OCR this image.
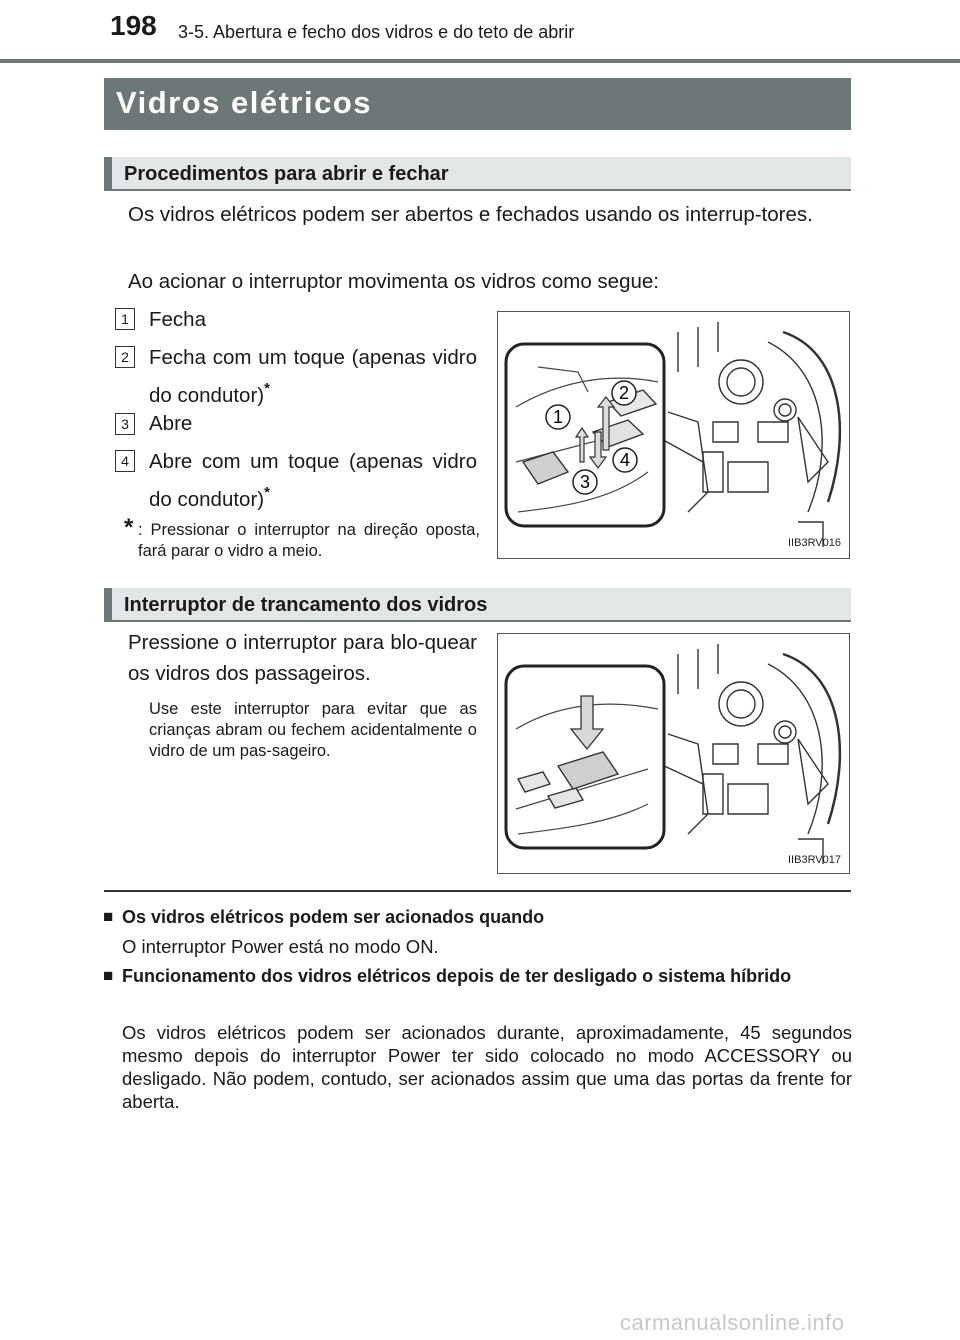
198 3-5. Abertura e fecho dos vidros e do teto de abrir
Vidros elétricos
Procedimentos para abrir e fechar
Os vidros elétricos podem ser abertos e fechados usando os interrup-tores.
Ao acionar o interruptor movimenta os vidros como segue:
1 Fecha
2 Fecha com um toque (apenas vidro do condutor)*
3 Abre
4 Abre com um toque (apenas vidro do condutor)*
* : Pressionar o interruptor na direção oposta, fará parar o vidro a meio.
1
2
3
4
IIB3RV016
Interruptor de trancamento dos vidros
Pressione o interruptor para blo-quear os vidros dos passageiros.
Use este interruptor para evitar que as crianças abram ou fechem acidentalmente o vidro de um pas-sageiro.
IIB3RV017
■ Os vidros elétricos podem ser acionados quando
O interruptor Power está no modo ON.
■ Funcionamento dos vidros elétricos depois de ter desligado o sistema híbrido
Os vidros elétricos podem ser acionados durante, aproximadamente, 45 segundos mesmo depois do interruptor Power ter sido colocado no modo ACCESSORY ou desligado. Não podem, contudo, ser acionados assim que uma das portas da frente for aberta.
carmanualsonline.info
